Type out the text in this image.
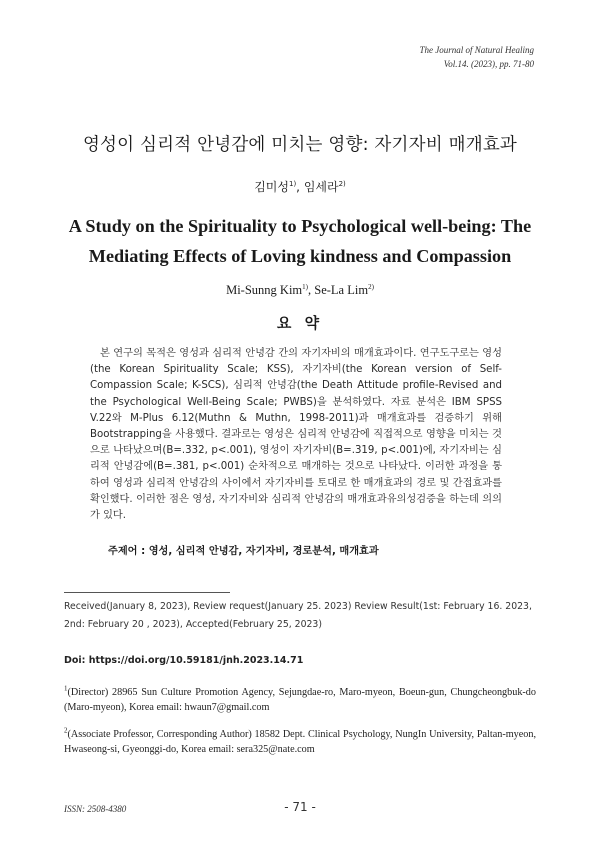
The Journal of Natural Healing
Vol.14. (2023), pp. 71-80
영성이 심리적 안녕감에 미치는 영향: 자기자비 매개효과
김미성$^{1)}$, 임세라$^{2)}$
A Study on the Spirituality to Psychological well-being: The Mediating Effects of Loving kindness and Compassion
Mi-Sunng Kim$^{1)}$, Se-La Lim$^{2)}$
요 약
본 연구의 목적은 영성과 심리적 안녕감 간의 자기자비의 매개효과이다. 연구도구로는 영성(the Korean Spirituality Scale; KSS), 자기자비(the Korean version of Self-Compassion Scale; K-SCS), 심리적 안녕감(the Death Attitude profile-Revised and the Psychological Well-Being Scale; PWBS)을 분석하였다. 자료 분석은 IBM SPSS V.22와 M-Plus 6.12(Muthn & Muthn, 1998-2011)과 매개효과를 검증하기 위해 Bootstrapping을 사용했다. 결과로는 영성은 심리적 안녕감에 직접적으로 영향을 미치는 것으로 나타났으며(B=.332, p<.001), 영성이 자기자비(B=.319, p<.001)에, 자기자비는 심리적 안녕감에(B=.381, p<.001) 순차적으로 매개하는 것으로 나타났다. 이러한 과정을 통하여 영성과 심리적 안녕감의 사이에서 자기자비를 토대로 한 매개효과의 경로 및 간접효과를 확인했다. 이러한 점은 영성, 자기자비와 심리적 안녕감의 매개효과유의성검증을 하는데 의의가 있다.
주제어 : 영성, 심리적 안녕감, 자기자비, 경로분석, 매개효과
Received(January 8, 2023), Review request(January 25. 2023) Review Result(1st: February 16. 2023, 2nd: February 20 , 2023), Accepted(February 25, 2023)
Doi: https://doi.org/10.59181/jnh.2023.14.71
$^1$(Director) 28965 Sun Culture Promotion Agency, Sejungdae-ro, Maro-myeon, Boeun-gun, Chungcheongbuk-do (Maro-myeon), Korea email: hwaun7@gmail.com
$^2$(Associate Professor, Corresponding Author) 18582 Dept. Clinical Psychology, NungIn University, Paltan-myeon, Hwaseong-si, Gyeonggi-do, Korea email: sera325@nate.com
ISSN: 2508-4380	- 71 -
